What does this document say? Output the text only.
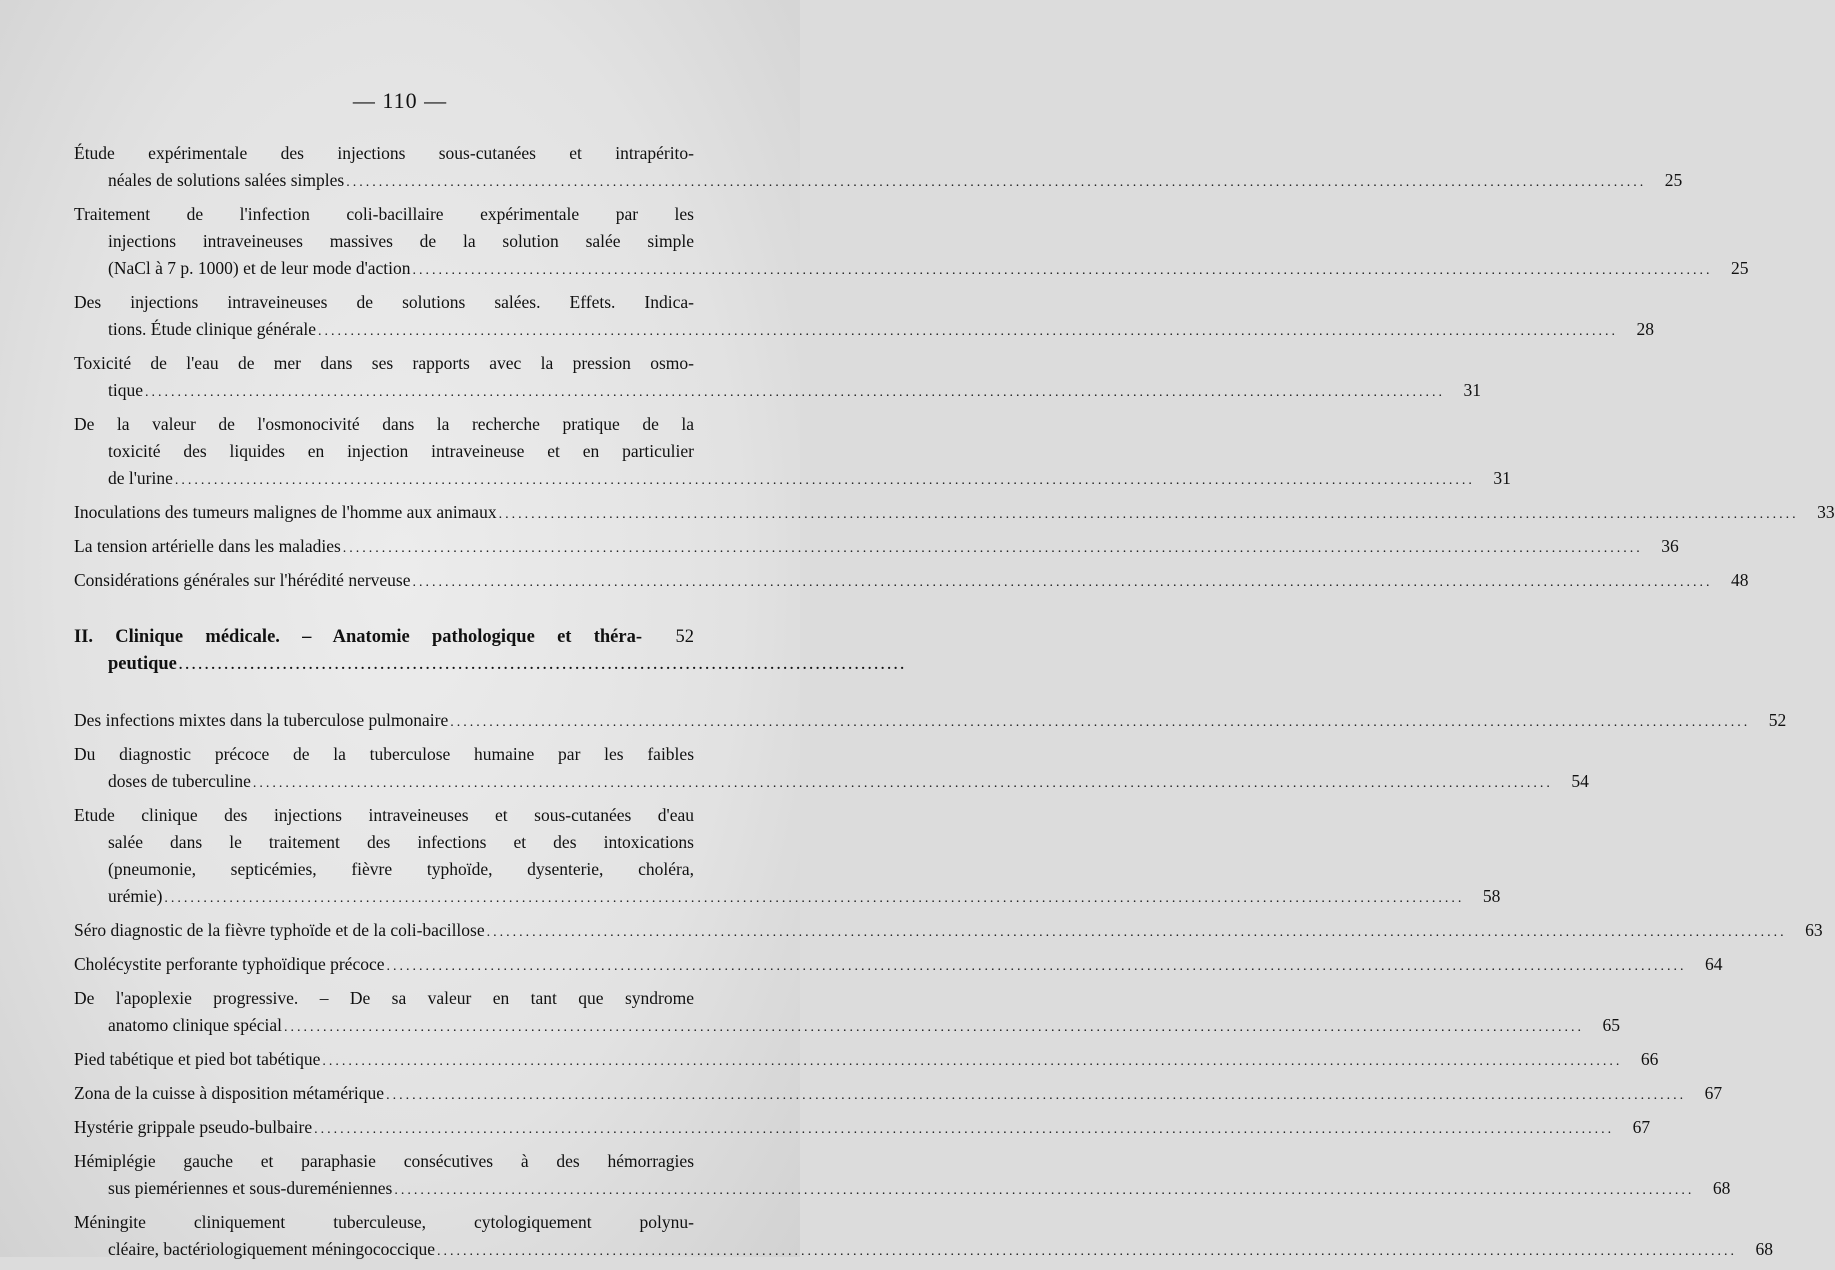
— 110 —
Étude expérimentale des injections sous-cutanées et intrapérito-
néales de solutions salées simples ........................................................................................................................................................................................................	25
Traitement de l'infection coli-bacillaire expérimentale par les
injections intraveineuses massives de la solution salée simple
(NaCl à 7 p. 1000) et de leur mode d'action ........................................................................................................................................................................................................	25
Des injections intraveineuses de solutions salées. Effets. Indica-
tions. Étude clinique générale ........................................................................................................................................................................................................	28
Toxicité de l'eau de mer dans ses rapports avec la pression osmo-
tique ........................................................................................................................................................................................................	31
De la valeur de l'osmonocivité dans la recherche pratique de la
toxicité des liquides en injection intraveineuse et en particulier
de l'urine ........................................................................................................................................................................................................	31
Inoculations des tumeurs malignes de l'homme aux animaux ........................................................................................................................................................................................................	33
La tension artérielle dans les maladies ........................................................................................................................................................................................................	36
Considérations générales sur l'hérédité nerveuse ........................................................................................................................................................................................................	48
II. Clinique médicale. – Anatomie pathologique et théra-	52
peutique ................................................................................................................
Des infections mixtes dans la tuberculose pulmonaire ........................................................................................................................................................................................................	52
Du diagnostic précoce de la tuberculose humaine par les faibles
doses de tuberculine ........................................................................................................................................................................................................	54
Etude clinique des injections intraveineuses et sous-cutanées d'eau
salée dans le traitement des infections et des intoxications
(pneumonie, septicémies, fièvre typhoïde, dysenterie, choléra,
urémie) ........................................................................................................................................................................................................	58
Séro diagnostic de la fièvre typhoïde et de la coli-bacillose ........................................................................................................................................................................................................	63
Cholécystite perforante typhoïdique précoce ........................................................................................................................................................................................................	64
De l'apoplexie progressive. – De sa valeur en tant que syndrome
anatomo clinique spécial ........................................................................................................................................................................................................	65
Pied tabétique et pied bot tabétique ........................................................................................................................................................................................................	66
Zona de la cuisse à disposition métamérique ........................................................................................................................................................................................................	67
Hystérie grippale pseudo-bulbaire ........................................................................................................................................................................................................	67
Hémiplégie gauche et paraphasie consécutives à des hémorragies
sus piemériennes et sous-dureméniennes ........................................................................................................................................................................................................	68
Méningite cliniquement tuberculeuse, cytologiquement polynu-
cléaire, bactériologiquement méningococcique ........................................................................................................................................................................................................	68
